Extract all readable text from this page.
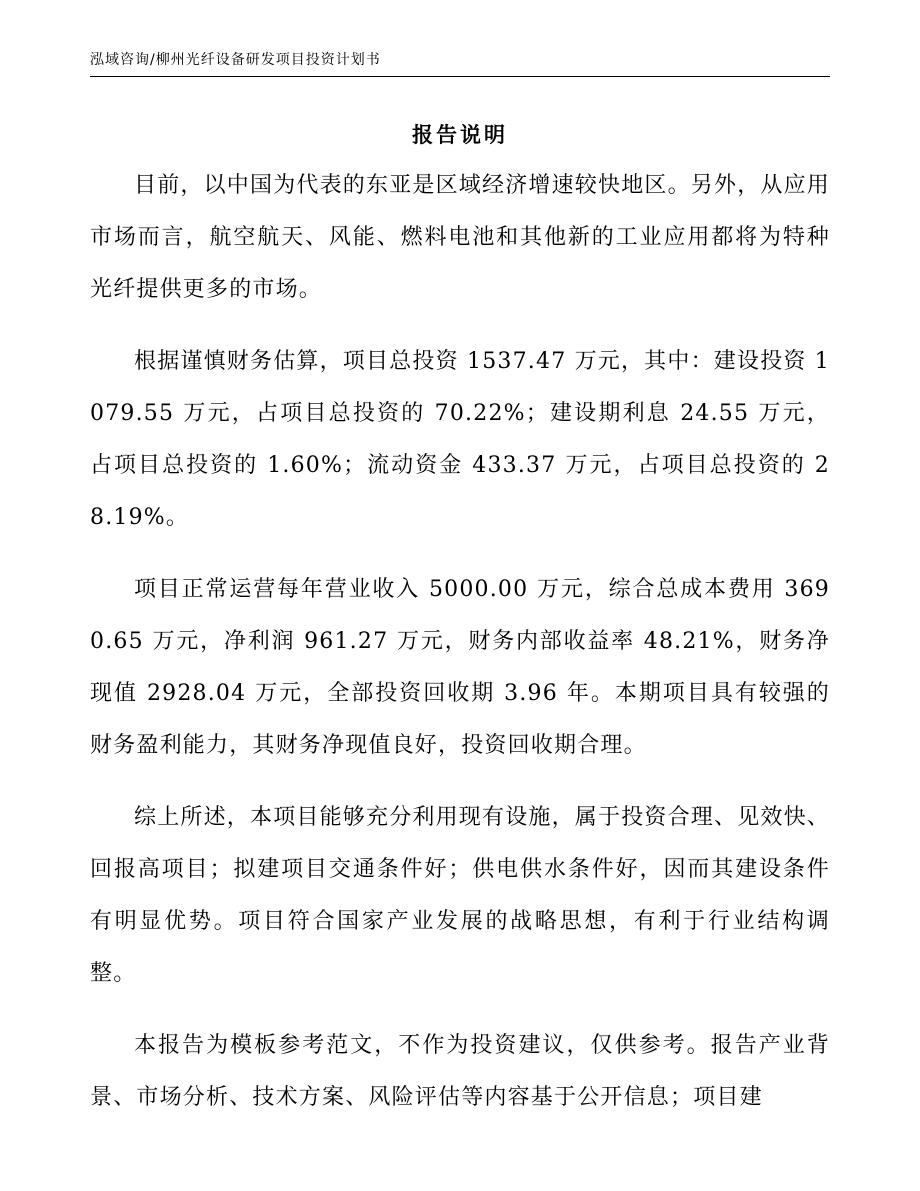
泓域咨询/柳州光纤设备研发项目投资计划书
报告说明

目前，以中国为代表的东亚是区域经济增速较快地区。另外，从应用市场而言，航空航天、风能、燃料电池和其他新的工业应用都将为特种光纤提供更多的市场。

根据谨慎财务估算，项目总投资 1537.47 万元，其中：建设投资 1079.55 万元，占项目总投资的 70.22%；建设期利息 24.55 万元，占项目总投资的 1.60%；流动资金 433.37 万元，占项目总投资的 28.19%。

项目正常运营每年营业收入 5000.00 万元，综合总成本费用 3690.65 万元，净利润 961.27 万元，财务内部收益率 48.21%，财务净现值 2928.04 万元，全部投资回收期 3.96 年。本期项目具有较强的财务盈利能力，其财务净现值良好，投资回收期合理。

综上所述，本项目能够充分利用现有设施，属于投资合理、见效快、回报高项目；拟建项目交通条件好；供电供水条件好，因而其建设条件有明显优势。项目符合国家产业发展的战略思想，有利于行业结构调整。

本报告为模板参考范文，不作为投资建议，仅供参考。报告产业背景、市场分析、技术方案、风险评估等内容基于公开信息；项目建
